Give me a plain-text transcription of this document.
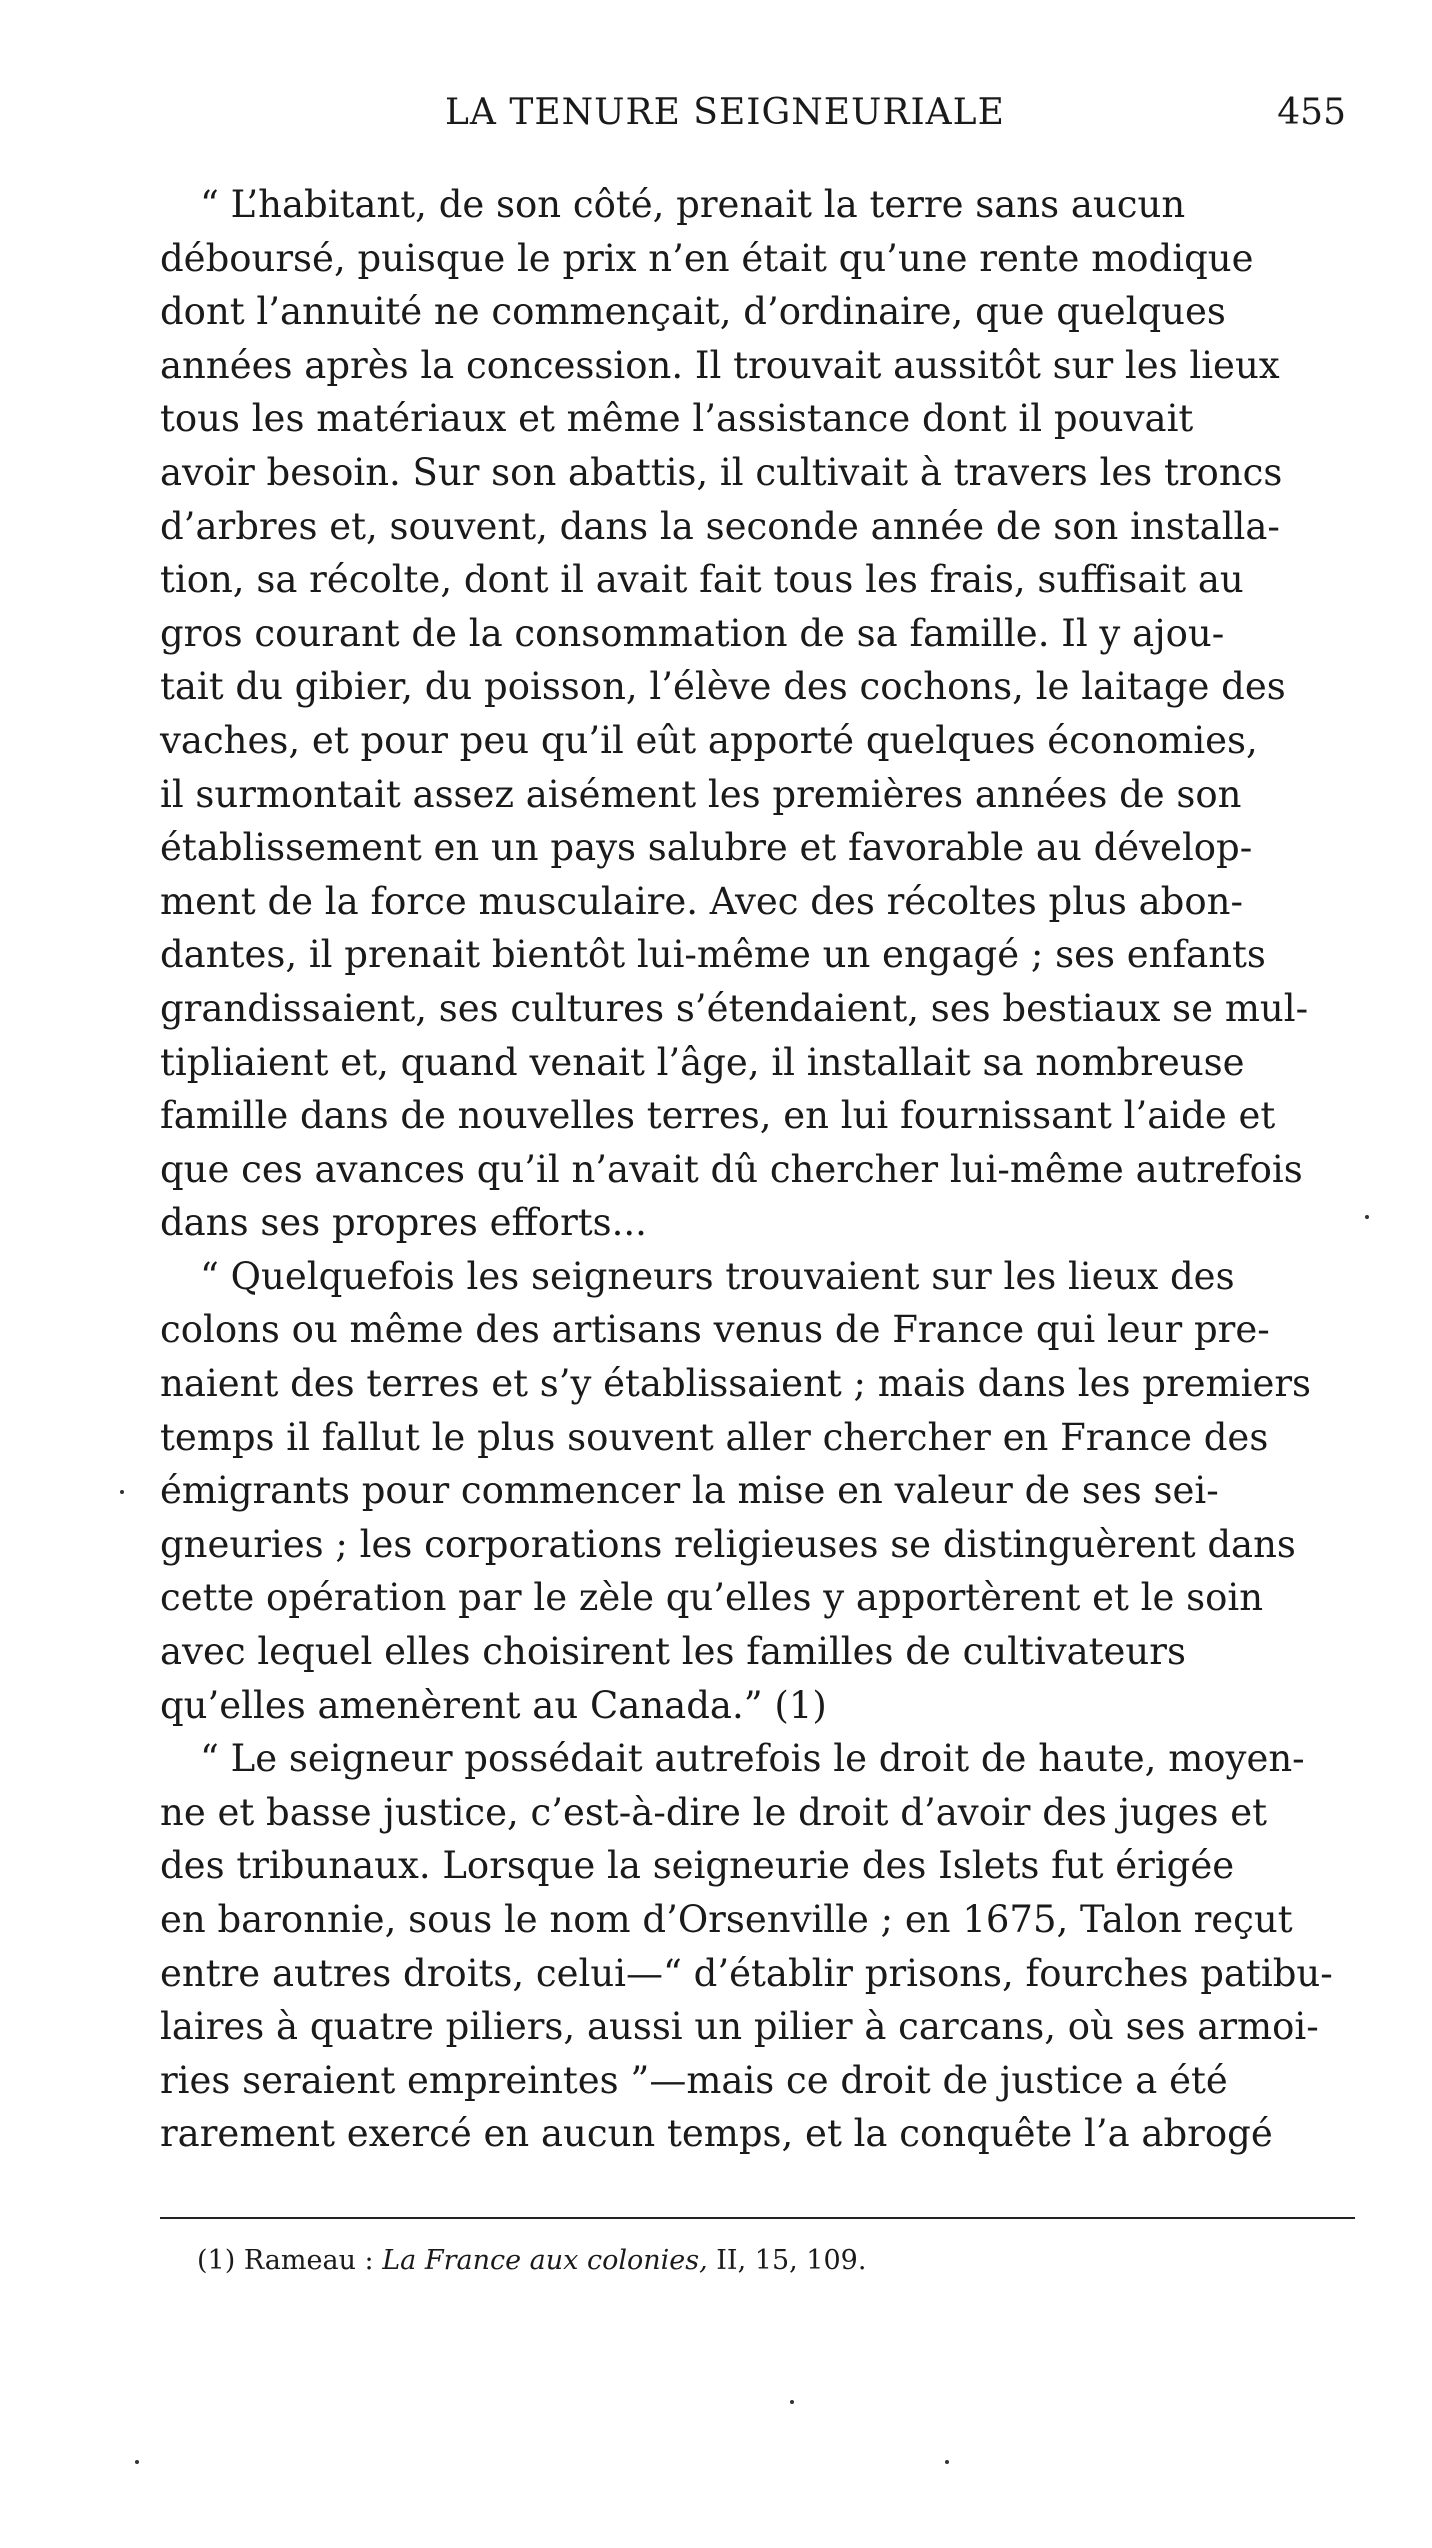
LA TENURE SEIGNEURIALE	455

“ L’habitant, de son côté, prenait la terre sans aucun
déboursé, puisque le prix n’en était qu’une rente modique
dont l’annuité ne commençait, d’ordinaire, que quelques
années après la concession. Il trouvait aussitôt sur les lieux
tous les matériaux et même l’assistance dont il pouvait
avoir besoin. Sur son abattis, il cultivait à travers les troncs
d’arbres et, souvent, dans la seconde année de son installa-
tion, sa récolte, dont il avait fait tous les frais, suffisait au
gros courant de la consommation de sa famille. Il y ajou-
tait du gibier, du poisson, l’élève des cochons, le laitage des
vaches, et pour peu qu’il eût apporté quelques économies,
il surmontait assez aisément les premières années de son
établissement en un pays salubre et favorable au dévelop-
ment de la force musculaire. Avec des récoltes plus abon-
dantes, il prenait bientôt lui-même un engagé ; ses enfants
grandissaient, ses cultures s’étendaient, ses bestiaux se mul-
tipliaient et, quand venait l’âge, il installait sa nombreuse
famille dans de nouvelles terres, en lui fournissant l’aide et
que ces avances qu’il n’avait dû chercher lui-même autrefois
dans ses propres efforts...

“ Quelquefois les seigneurs trouvaient sur les lieux des
colons ou même des artisans venus de France qui leur pre-
naient des terres et s’y établissaient ; mais dans les premiers
temps il fallut le plus souvent aller chercher en France des
émigrants pour commencer la mise en valeur de ses sei-
gneuries ; les corporations religieuses se distinguèrent dans
cette opération par le zèle qu’elles y apportèrent et le soin
avec lequel elles choisirent les familles de cultivateurs
qu’elles amenèrent au Canada.” (1)

“ Le seigneur possédait autrefois le droit de haute, moyen-
ne et basse justice, c’est-à-dire le droit d’avoir des juges et
des tribunaux. Lorsque la seigneurie des Islets fut érigée
en baronnie, sous le nom d’Orsenville ; en 1675, Talon reçut
entre autres droits, celui—“ d’établir prisons, fourches patibu-
laires à quatre piliers, aussi un pilier à carcans, où ses armoi-
ries seraient empreintes ”—mais ce droit de justice a été
rarement exercé en aucun temps, et la conquête l’a abrogé

(1) Rameau : La France aux colonies, II, 15, 109.
